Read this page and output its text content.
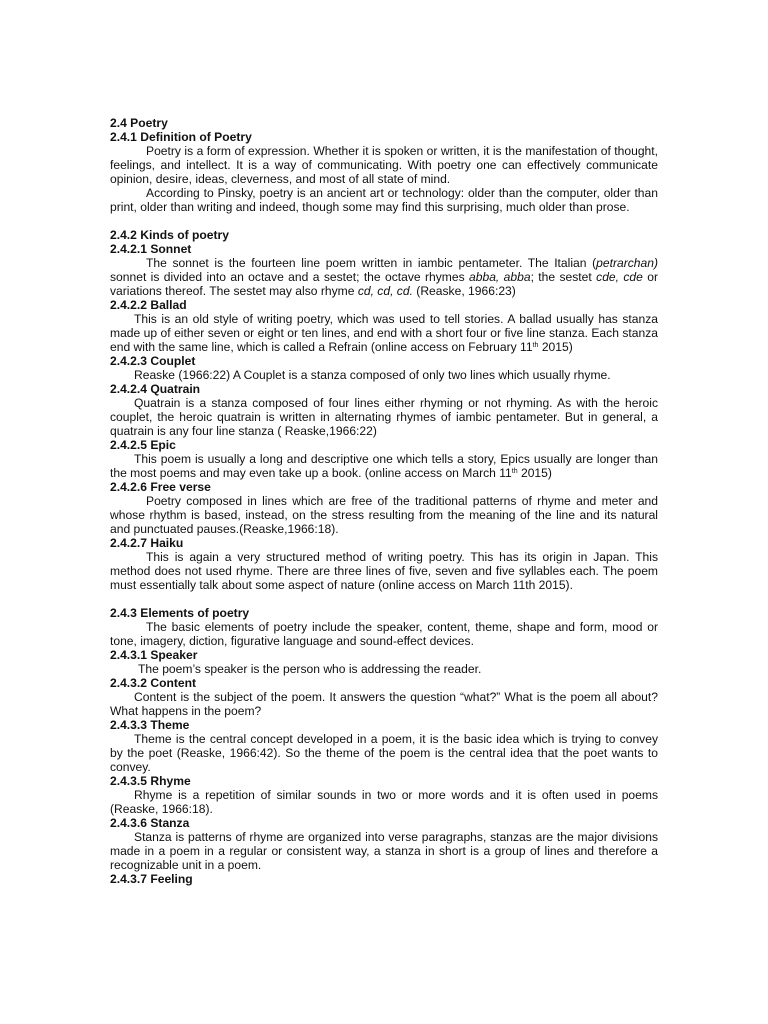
2.4 Poetry

2.4.1 Definition of Poetry

Poetry is a form of expression. Whether it is spoken or written, it is the manifestation of thought, feelings, and intellect. It is a way of communicating. With poetry one can effectively communicate opinion, desire, ideas, cleverness, and most of all state of mind.

According to Pinsky, poetry is an ancient art or technology: older than the computer, older than print, older than writing and indeed, though some may find this surprising, much older than prose.

2.4.2 Kinds of poetry

2.4.2.1 Sonnet

The sonnet is the fourteen line poem written in iambic pentameter. The Italian (petrarchan) sonnet is divided into an octave and a sestet; the octave rhymes abba, abba; the sestet cde, cde or variations thereof. The sestet may also rhyme cd, cd, cd. (Reaske, 1966:23)

2.4.2.2 Ballad

This is an old style of writing poetry, which was used to tell stories. A ballad usually has stanza made up of either seven or eight or ten lines, and end with a short four or five line stanza. Each stanza end with the same line, which is called a Refrain (online access on February 11th 2015)

2.4.2.3 Couplet

Reaske (1966:22) A Couplet is a stanza composed of only two lines which usually rhyme.

2.4.2.4 Quatrain

Quatrain is a stanza composed of four lines either rhyming or not rhyming. As with the heroic couplet, the heroic quatrain is written in alternating rhymes of iambic pentameter. But in general, a quatrain is any four line stanza ( Reaske,1966:22)

2.4.2.5 Epic

This poem is usually a long and descriptive one which tells a story, Epics usually are longer than the most poems and may even take up a book. (online access on March 11th 2015)

2.4.2.6 Free verse

Poetry composed in lines which are free of the traditional patterns of rhyme and meter and whose rhythm is based, instead, on the stress resulting from the meaning of the line and its natural and punctuated pauses.(Reaske,1966:18).

2.4.2.7 Haiku

This is again a very structured method of writing poetry. This has its origin in Japan. This method does not used rhyme. There are three lines of five, seven and five syllables each. The poem must essentially talk about some aspect of nature (online access on March 11th 2015).

2.4.3 Elements of poetry

The basic elements of poetry include the speaker, content, theme, shape and form, mood or tone, imagery, diction, figurative language and sound-effect devices.

2.4.3.1 Speaker

The poem’s speaker is the person who is addressing the reader.

2.4.3.2 Content

Content is the subject of the poem. It answers the question “what?” What is the poem all about? What happens in the poem?

2.4.3.3 Theme

Theme is the central concept developed in a poem, it is the basic idea which is trying to convey by the poet (Reaske, 1966:42). So the theme of the poem is the central idea that the poet wants to convey.

2.4.3.5 Rhyme

Rhyme is a repetition of similar sounds in two or more words and it is often used in poems (Reaske, 1966:18).

2.4.3.6 Stanza

Stanza is patterns of rhyme are organized into verse paragraphs, stanzas are the major divisions made in a poem in a regular or consistent way, a stanza in short is a group of lines and therefore a recognizable unit in a poem.

2.4.3.7 Feeling
